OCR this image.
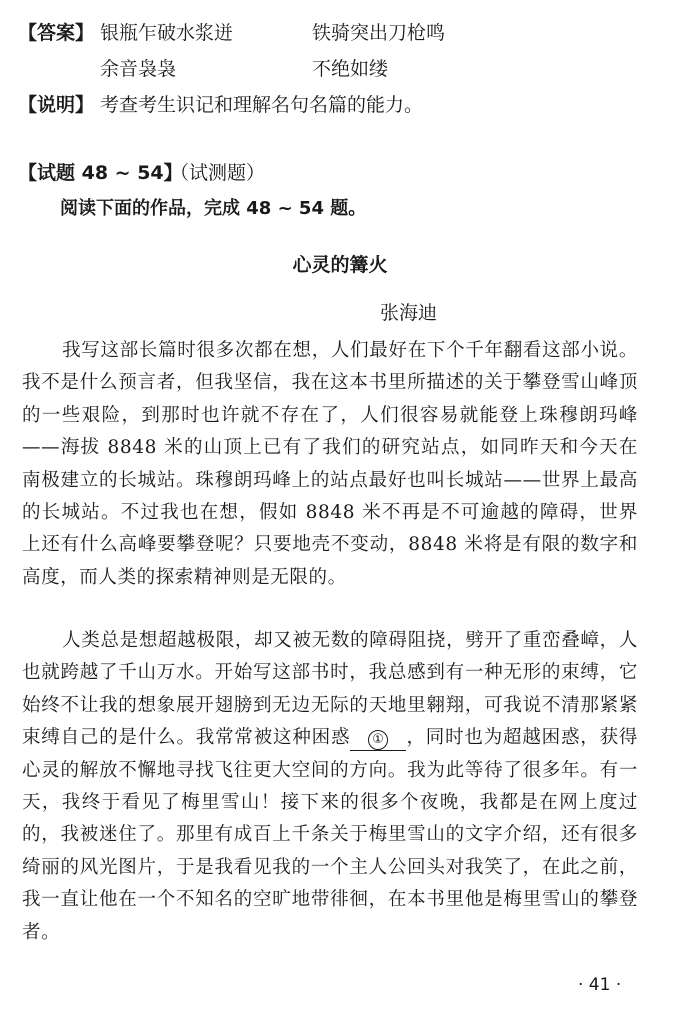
【答案】 银瓶乍破水浆迸	铁骑突出刀枪鸣
余音袅袅	不绝如缕
【说明】 考查考生识记和理解名句名篇的能力。
【试题 48 ~ 54】
（试测题）
阅读下面的作品，完成 48 ~ 54 题。
心灵的篝火
张海迪
我写这部长篇时很多次都在想，人们最好在下个千年翻看这部小说。我不是什么预言者，但我坚信，我在这本书里所描述的关于攀登雪山峰顶的一些艰险，到那时也许就不存在了，人们很容易就能登上珠穆朗玛峰——海拔 8848 米的山顶上已有了我们的研究站点，如同昨天和今天在南极建立的长城站。珠穆朗玛峰上的站点最好也叫长城站——世界上最高的长城站。不过我也在想，假如 8848 米不再是不可逾越的障碍，世界上还有什么高峰要攀登呢？只要地壳不变动，8848 米将是有限的数字和高度，而人类的探索精神则是无限的。
人类总是想超越极限，却又被无数的障碍阻挠，劈开了重峦叠嶂，人也就跨越了千山万水。开始写这部书时，我总感到有一种无形的束缚，它始终不让我的想象展开翅膀到无边无际的天地里翱翔，可我说不清那紧紧束缚自己的是什么。我常常被这种困惑 ① ，同时也为超越困惑，获得心灵的解放不懈地寻找飞往更大空间的方向。我为此等待了很多年。有一天，我终于看见了梅里雪山！接下来的很多个夜晚，我都是在网上度过的，我被迷住了。那里有成百上千条关于梅里雪山的文字介绍，还有很多绮丽的风光图片，于是我看见我的一个主人公回头对我笑了，在此之前，我一直让他在一个不知名的空旷地带徘徊，在本书里他是梅里雪山的攀登者。
· 41 ·
